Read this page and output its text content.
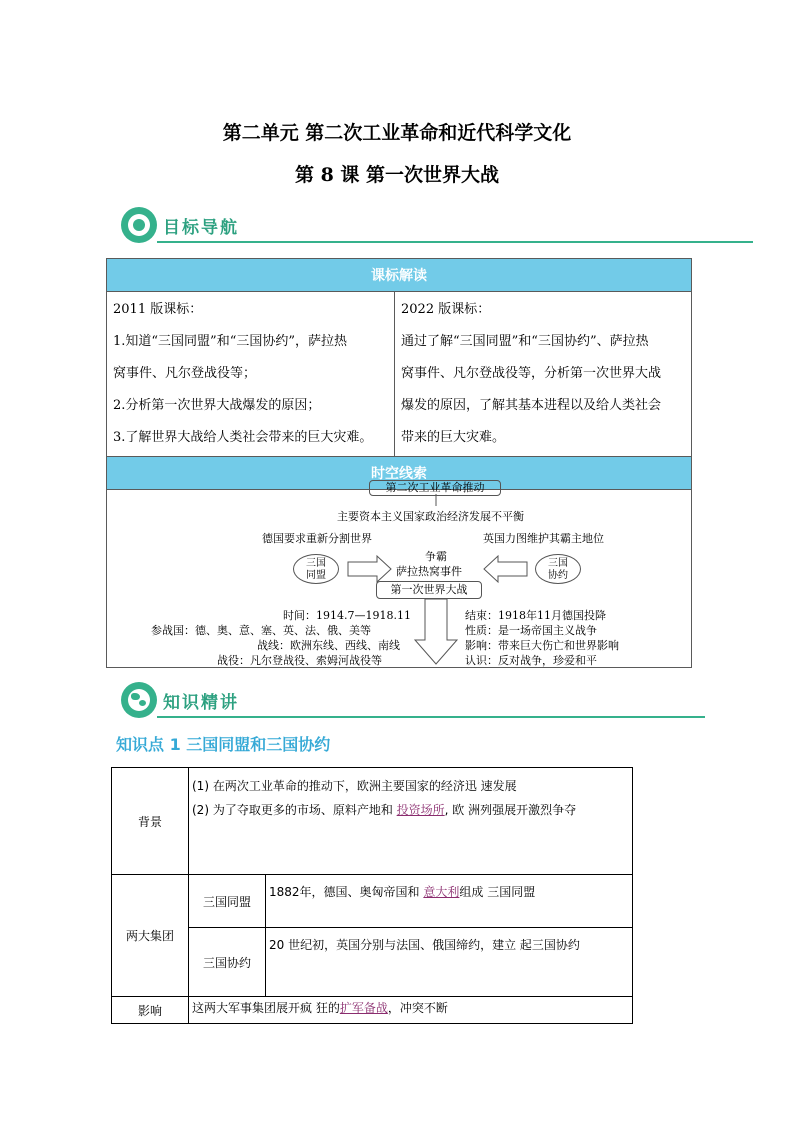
第二单元 第二次工业革命和近代科学文化
第 8 课 第一次世界大战
目标导航
课标解读

2011 版课标：
1.知道“三国同盟”和“三国协约”，萨拉热
窝事件、凡尔登战役等；
2.分析第一次世界大战爆发的原因；
3.了解世界大战给人类社会带来的巨大灾难。

2022 版课标：
通过了解“三国同盟”和“三国协约”、萨拉热
窝事件、凡尔登战役等，分析第一次世界大战
爆发的原因，了解其基本进程以及给人类社会
带来的巨大灾难。

时空线索
第二次工业革命推动
主要资本主义国家政治经济发展不平衡
德国要求重新分割世界	英国力图维护其霸主地位
三国
同盟
三国
协约
争霸
萨拉热窝事件
第一次世界大战
时间：1914.7—1918.11
参战国：德、奥、意、塞、英、法、俄、美等
战线：欧洲东线、西线、南线
战役：凡尔登战役、索姆河战役等
结束：1918年11月德国投降
性质：是一场帝国主义战争
影响：带来巨大伤亡和世界影响
认识：反对战争，珍爱和平
知识精讲
知识点 1 三国同盟和三国协约
背景	(1) 在两次工业革命的推动下，欧洲主要国家的经济迅 速发展
(2) 为了夺取更多的市场、原料产地和 投资场所, 欧 洲列强展开激烈争夺	

两大集团	三国同盟	1882年，德国、奥匈帝国和 意大利组成 三国同盟
	三国协约	20 世纪初，英国分别与法国、俄国缔约，建立 起三国协约
影响	这两大军事集团展开疯 狂的扩军备战，冲突不断	
